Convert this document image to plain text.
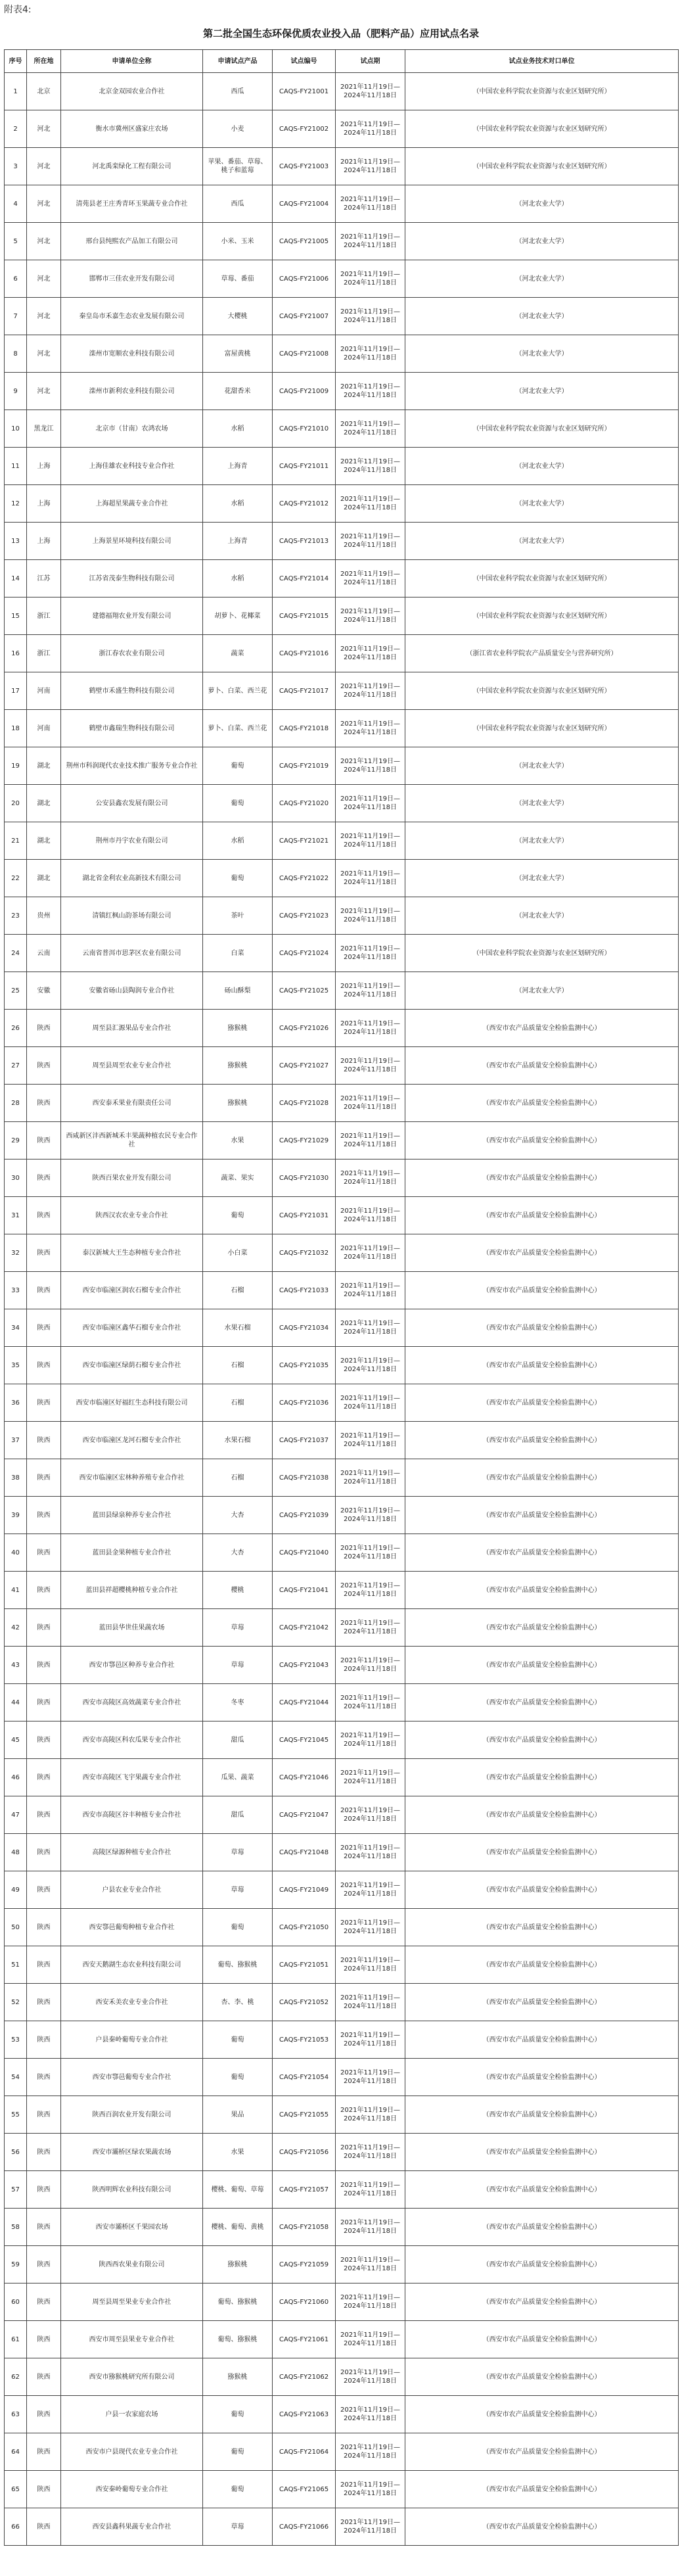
附表4:
第二批全国生态环保优质农业投入品（肥料产品）应用试点名录
序号	所在地	申请单位全称	申请试点产品	试点编号	试点期	试点业务技术对口单位
1	北京	北京金双园农业合作社	西瓜	CAQS-FY21001	2021年11月19日—2024年11月18日	（中国农业科学院农业资源与农业区划研究所）
2	河北	衡水市冀州区盛家庄农场	小麦	CAQS-FY21002	2021年11月19日—2024年11月18日	（中国农业科学院农业资源与农业区划研究所）
3	河北	河北禹栾绿化工程有限公司	苹果、番茄、草莓、桃子和蓝莓	CAQS-FY21003	2021年11月19日—2024年11月18日	（中国农业科学院农业资源与农业区划研究所）
4	河北	清苑县老王庄秀青环玉果蔬专业合作社	西瓜	CAQS-FY21004	2021年11月19日—2024年11月18日	（河北农业大学）
5	河北	邢台县纯熙农产品加工有限公司	小米、玉米	CAQS-FY21005	2021年11月19日—2024年11月18日	（河北农业大学）
6	河北	邯郸市三佳农业开发有限公司	草莓、番茄	CAQS-FY21006	2021年11月19日—2024年11月18日	（河北农业大学）
7	河北	秦皇岛市禾嘉生态农业发展有限公司	大樱桃	CAQS-FY21007	2021年11月19日—2024年11月18日	（河北农业大学）
8	河北	滦州市宽顺农业科技有限公司	富屋黄桃	CAQS-FY21008	2021年11月19日—2024年11月18日	（河北农业大学）
9	河北	滦州市新利农业科技有限公司	花甜香米	CAQS-FY21009	2021年11月19日—2024年11月18日	（河北农业大学）
10	黑龙江	北京市（甘南）农鸿农场	水稻	CAQS-FY21010	2021年11月19日—2024年11月18日	（中国农业科学院农业资源与农业区划研究所）
11	上海	上海佳雄农业科技专业合作社	上海青	CAQS-FY21011	2021年11月19日—2024年11月18日	（河北农业大学）
12	上海	上海超星果蔬专业合作社	水稻	CAQS-FY21012	2021年11月19日—2024年11月18日	（河北农业大学）
13	上海	上海景星环境科技有限公司	上海青	CAQS-FY21013	2021年11月19日—2024年11月18日	（河北农业大学）
14	江苏	江苏省茂泰生物科技有限公司	水稻	CAQS-FY21014	2021年11月19日—2024年11月18日	（中国农业科学院农业资源与农业区划研究所）
15	浙江	建德福翔农业开发有限公司	胡萝卜、花椰菜	CAQS-FY21015	2021年11月19日—2024年11月18日	（中国农业科学院农业资源与农业区划研究所）
16	浙江	浙江春农农业有限公司	蔬菜	CAQS-FY21016	2021年11月19日—2024年11月18日	（浙江省农业科学院农产品质量安全与营养研究所）
17	河南	鹤壁市禾盛生物科技有限公司	萝卜、白菜、西兰花	CAQS-FY21017	2021年11月19日—2024年11月18日	（中国农业科学院农业资源与农业区划研究所）
18	河南	鹤壁市鑫瑞生物科技有限公司	萝卜、白菜、西兰花	CAQS-FY21018	2021年11月19日—2024年11月18日	（中国农业科学院农业资源与农业区划研究所）
19	湖北	荆州市科润现代农业技术推广服务专业合作社	葡萄	CAQS-FY21019	2021年11月19日—2024年11月18日	（河北农业大学）
20	湖北	公安县鑫农发展有限公司	葡萄	CAQS-FY21020	2021年11月19日—2024年11月18日	（河北农业大学）
21	湖北	荆州市丹宇农业有限公司	水稻	CAQS-FY21021	2021年11月19日—2024年11月18日	（河北农业大学）
22	湖北	湖北省金利农业高新技术有限公司	葡萄	CAQS-FY21022	2021年11月19日—2024年11月18日	（河北农业大学）
23	贵州	清镇红枫山韵茶场有限公司	茶叶	CAQS-FY21023	2021年11月19日—2024年11月18日	（河北农业大学）
24	云南	云南省普洱市思茅区农业有限公司	白菜	CAQS-FY21024	2021年11月19日—2024年11月18日	（中国农业科学院农业资源与农业区划研究所）
25	安徽	安徽省砀山县陶润专业合作社	砀山酥梨	CAQS-FY21025	2021年11月19日—2024年11月18日	（河北农业大学）
26	陕西	周至县汇源果品专业合作社	猕猴桃	CAQS-FY21026	2021年11月19日—2024年11月18日	（西安市农产品质量安全检验监测中心）
27	陕西	周至县周至农业专业合作社	猕猴桃	CAQS-FY21027	2021年11月19日—2024年11月18日	（西安市农产品质量安全检验监测中心）
28	陕西	西安泰禾果业有限责任公司	猕猴桃	CAQS-FY21028	2021年11月19日—2024年11月18日	（西安市农产品质量安全检验监测中心）
29	陕西	西咸新区沣西新城禾丰果蔬种植农民专业合作社	水果	CAQS-FY21029	2021年11月19日—2024年11月18日	（西安市农产品质量安全检验监测中心）
30	陕西	陕西百果农业开发有限公司	蔬菜、果实	CAQS-FY21030	2021年11月19日—2024年11月18日	（西安市农产品质量安全检验监测中心）
31	陕西	陕西汉农农业专业合作社	葡萄	CAQS-FY21031	2021年11月19日—2024年11月18日	（西安市农产品质量安全检验监测中心）
32	陕西	泰汉新城大王生态种植专业合作社	小白菜	CAQS-FY21032	2021年11月19日—2024年11月18日	（西安市农产品质量安全检验监测中心）
33	陕西	西安市临潼区润农石榴专业合作社	石榴	CAQS-FY21033	2021年11月19日—2024年11月18日	（西安市农产品质量安全检验监测中心）
34	陕西	西安市临潼区鑫华石榴专业合作社	水果石榴	CAQS-FY21034	2021年11月19日—2024年11月18日	（西安市农产品质量安全检验监测中心）
35	陕西	西安市临潼区绿荫石榴专业合作社	石榴	CAQS-FY21035	2021年11月19日—2024年11月18日	（西安市农产品质量安全检验监测中心）
36	陕西	西安市临潼区好福红生态科技有限公司	石榴	CAQS-FY21036	2021年11月19日—2024年11月18日	（西安市农产品质量安全检验监测中心）
37	陕西	西安市临潼区龙河石榴专业合作社	水果石榴	CAQS-FY21037	2021年11月19日—2024年11月18日	（西安市农产品质量安全检验监测中心）
38	陕西	西安市临潼区宏林种养殖专业合作社	石榴	CAQS-FY21038	2021年11月19日—2024年11月18日	（西安市农产品质量安全检验监测中心）
39	陕西	蓝田县绿泉种养专业合作社	大杏	CAQS-FY21039	2021年11月19日—2024年11月18日	（西安市农产品质量安全检验监测中心）
40	陕西	蓝田县金果种植专业合作社	大杏	CAQS-FY21040	2021年11月19日—2024年11月18日	（西安市农产品质量安全检验监测中心）
41	陕西	蓝田县祥超樱桃种植专业合作社	樱桃	CAQS-FY21041	2021年11月19日—2024年11月18日	（西安市农产品质量安全检验监测中心）
42	陕西	蓝田县华世佳果蔬农场	草莓	CAQS-FY21042	2021年11月19日—2024年11月18日	（西安市农产品质量安全检验监测中心）
43	陕西	西安市鄠邑区种养专业合作社	草莓	CAQS-FY21043	2021年11月19日—2024年11月18日	（西安市农产品质量安全检验监测中心）
44	陕西	西安市高陵区高效蔬菜专业合作社	冬枣	CAQS-FY21044	2021年11月19日—2024年11月18日	（西安市农产品质量安全检验监测中心）
45	陕西	西安市高陵区科农瓜果专业合作社	甜瓜	CAQS-FY21045	2021年11月19日—2024年11月18日	（西安市农产品质量安全检验监测中心）
46	陕西	西安市高陵区飞宇果蔬专业合作社	瓜果、蔬菜	CAQS-FY21046	2021年11月19日—2024年11月18日	（西安市农产品质量安全检验监测中心）
47	陕西	西安市高陵区谷丰种植专业合作社	甜瓜	CAQS-FY21047	2021年11月19日—2024年11月18日	（西安市农产品质量安全检验监测中心）
48	陕西	高陵区绿源种植专业合作社	草莓	CAQS-FY21048	2021年11月19日—2024年11月18日	（西安市农产品质量安全检验监测中心）
49	陕西	户县农业专业合作社	草莓	CAQS-FY21049	2021年11月19日—2024年11月18日	（西安市农产品质量安全检验监测中心）
50	陕西	西安鄠邑葡萄种植专业合作社	葡萄	CAQS-FY21050	2021年11月19日—2024年11月18日	（西安市农产品质量安全检验监测中心）
51	陕西	西安天鹅湖生态农业科技有限公司	葡萄、猕猴桃	CAQS-FY21051	2021年11月19日—2024年11月18日	（西安市农产品质量安全检验监测中心）
52	陕西	西安禾美农业专业合作社	杏、李、桃	CAQS-FY21052	2021年11月19日—2024年11月18日	（西安市农产品质量安全检验监测中心）
53	陕西	户县秦岭葡萄专业合作社	葡萄	CAQS-FY21053	2021年11月19日—2024年11月18日	（西安市农产品质量安全检验监测中心）
54	陕西	西安市鄠邑葡萄专业合作社	葡萄	CAQS-FY21054	2021年11月19日—2024年11月18日	（西安市农产品质量安全检验监测中心）
55	陕西	陕西百润农业开发有限公司	果品	CAQS-FY21055	2021年11月19日—2024年11月18日	（西安市农产品质量安全检验监测中心）
56	陕西	西安市灞桥区绿农果蔬农场	水果	CAQS-FY21056	2021年11月19日—2024年11月18日	（西安市农产品质量安全检验监测中心）
57	陕西	陕西明辉农业科技有限公司	樱桃、葡萄、草莓	CAQS-FY21057	2021年11月19日—2024年11月18日	（西安市农产品质量安全检验监测中心）
58	陕西	西安市灞桥区千果园农场	樱桃、葡萄、黄桃	CAQS-FY21058	2021年11月19日—2024年11月18日	（西安市农产品质量安全检验监测中心）
59	陕西	陕西西农果业有限公司	猕猴桃	CAQS-FY21059	2021年11月19日—2024年11月18日	（西安市农产品质量安全检验监测中心）
60	陕西	周至县周至果业专业合作社	葡萄、猕猴桃	CAQS-FY21060	2021年11月19日—2024年11月18日	（西安市农产品质量安全检验监测中心）
61	陕西	西安市周至县果业专业合作社	葡萄、猕猴桃	CAQS-FY21061	2021年11月19日—2024年11月18日	（西安市农产品质量安全检验监测中心）
62	陕西	西安市猕猴桃研究所有限公司	猕猴桃	CAQS-FY21062	2021年11月19日—2024年11月18日	（西安市农产品质量安全检验监测中心）
63	陕西	户县一农家庭农场	葡萄	CAQS-FY21063	2021年11月19日—2024年11月18日	（西安市农产品质量安全检验监测中心）
64	陕西	西安市户县现代农业专业合作社	葡萄	CAQS-FY21064	2021年11月19日—2024年11月18日	（西安市农产品质量安全检验监测中心）
65	陕西	西安秦岭葡萄专业合作社	葡萄	CAQS-FY21065	2021年11月19日—2024年11月18日	（西安市农产品质量安全检验监测中心）
66	陕西	西安县鑫科果蔬专业合作社	草莓	CAQS-FY21066	2021年11月19日—2024年11月18日	（西安市农产品质量安全检验监测中心）
